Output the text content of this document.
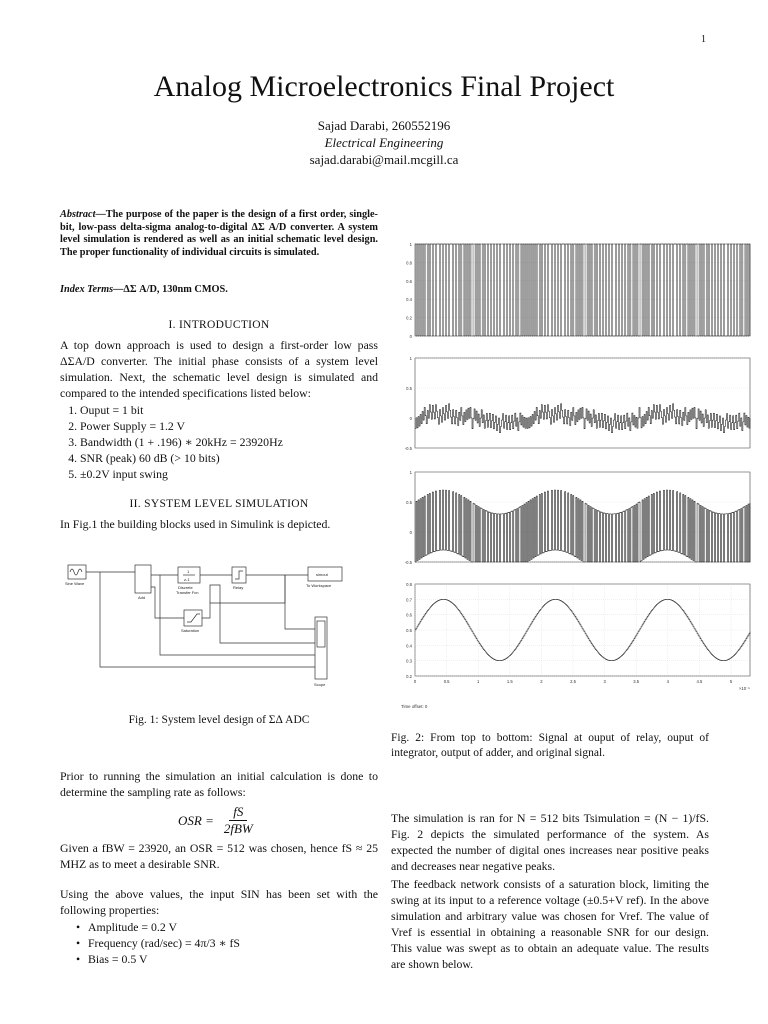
1
Analog Microelectronics Final Project
Sajad Darabi, 260552196
Electrical Engineering
sajad.darabi@mail.mcgill.ca
Abstract—The purpose of the paper is the design of a first order, single-bit, low-pass delta-sigma analog-to-digital ΔΣ A/D converter. A system level simulation is rendered as well as an initial schematic level design. The proper functionality of individual circuits is simulated.
Index Terms—ΔΣ A/D, 130nm CMOS.
I. INTRODUCTION
A top down approach is used to design a first-order low pass ΔΣA/D converter. The initial phase consists of a system level simulation. Next, the schematic level design is simulated and compared to the intended specifications listed below:
1. Ouput = 1 bit
2. Power Supply = 1.2 V
3. Bandwidth (1 + .196) ∗ 20kHz = 23920Hz
4. SNR (peak) 60 dB (> 10 bits)
5. ±0.2V input swing
II. SYSTEM LEVEL SIMULATION
In Fig.1 the building blocks used in Simulink is depicted.
Sine Wave
Add
1
z-1
Discrete
Transfer Fcn
Relay
Saturation
simout
To Workspace
Scope
Fig. 1: System level design of ΣΔ ADC
Prior to running the simulation an initial calculation is done to determine the sampling rate as follows:
OSR =
fS
2fBW
Given a fBW = 23920, an OSR = 512 was chosen, hence fS ≈ 25 MHZ as to meet a desirable SNR.
Using the above values, the input SIN has been set with the following properties:
• Amplitude = 0.2 V
• Frequency (rad/sec) = 4π/3 ∗ fS
• Bias = 0.5 V
0
0.2
0.4
0.6
0.8
1
-0.5
0
0.5
1
-0.5
0
0.5
1
0.2
0.3
0.4
0.5
0.6
0.7
0.8
0	0.5	1	1.5	2	2.5	3	3.5	4	4.5	5
×10⁻⁵
Time offset: 0
Fig. 2: From top to bottom: Signal at ouput of relay, ouput of integrator, output of adder, and original signal.
The simulation is ran for N = 512 bits Tsimulation = (N − 1)/fS. Fig. 2 depicts the simulated performance of the system. As expected the number of digital ones increases near positive peaks and decreases near negative peaks.
The feedback network consists of a saturation block, limiting the swing at its input to a reference voltage (±0.5+V ref). In the above simulation and arbitrary value was chosen for Vref. The value of Vref is essential in obtaining a reasonable SNR for our design. This value was swept as to obtain an adequate value. The results are shown below.
